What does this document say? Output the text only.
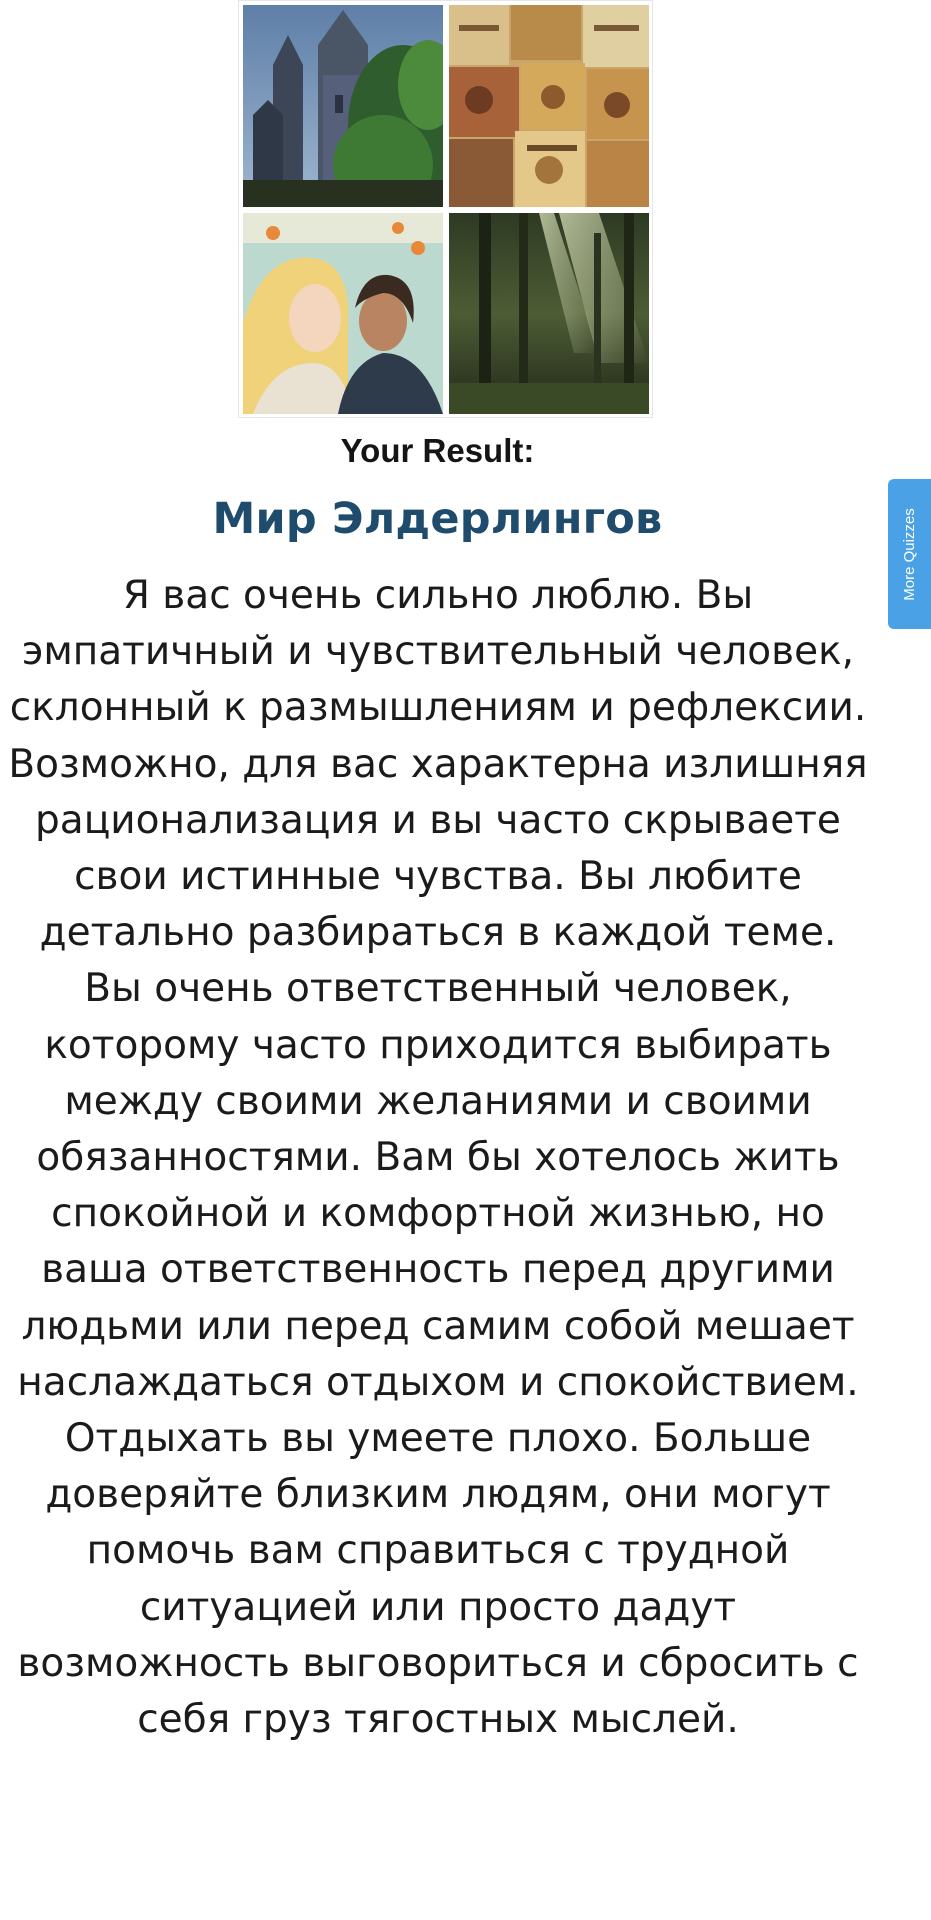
Your Result:
Мир Элдерлингов

Я вас очень сильно люблю. Вы эмпатичный и чувствительный человек, склонный к размышлениям и рефлексии. Возможно, для вас характерна излишняя рационализация и вы часто скрываете свои истинные чувства. Вы любите детально разбираться в каждой теме. Вы очень ответственный человек, которому часто приходится выбирать между своими желаниями и своими обязанностями. Вам бы хотелось жить спокойной и комфортной жизнью, но ваша ответственность перед другими людьми или перед самим собой мешает наслаждаться отдыхом и спокойствием. Отдыхать вы умеете плохо. Больше доверяйте близким людям, они могут помочь вам справиться с трудной ситуацией или просто дадут возможность выговориться и сбросить с себя груз тягостных мыслей.

More Quizzes
